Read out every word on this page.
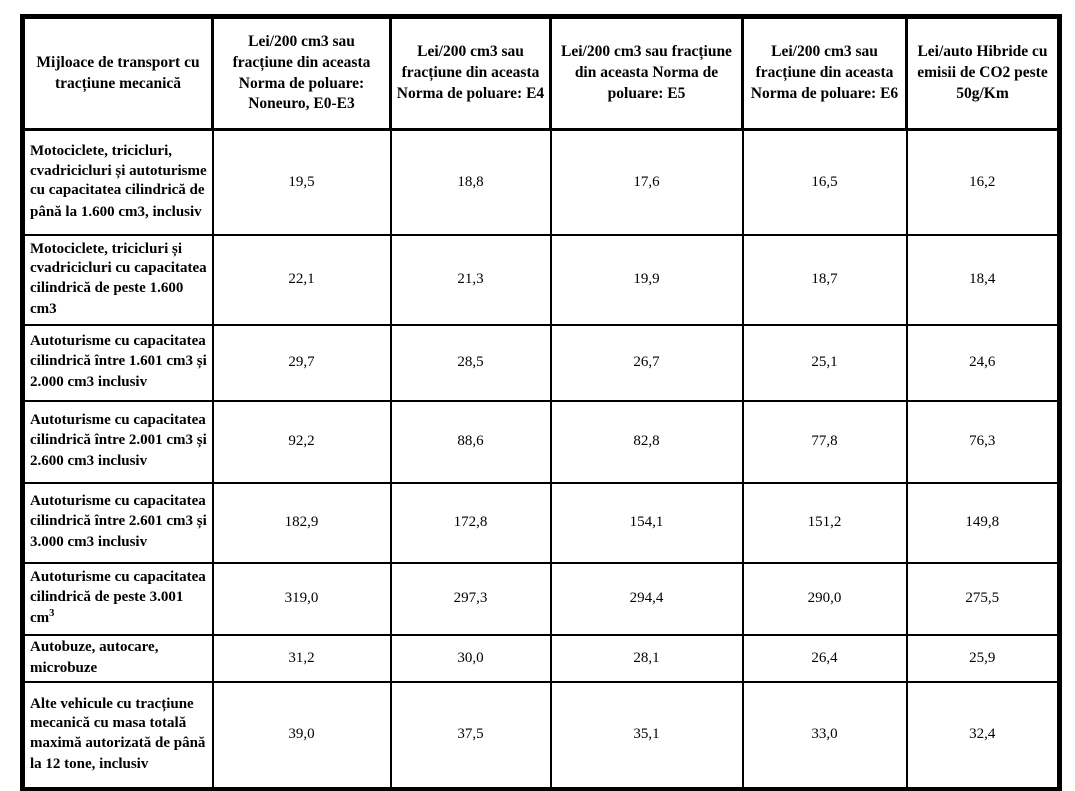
Mijloace de transport cu tracțiune mecanică	Lei/200 cm3 sau fracțiune din aceasta Norma de poluare: Noneuro, E0-E3	Lei/200 cm3 sau fracțiune din aceasta Norma de poluare: E4	Lei/200 cm3 sau fracțiune din aceasta Norma de poluare: E5	Lei/200 cm3 sau fracțiune din aceasta Norma de poluare: E6	Lei/auto Hibride cu emisii de CO2 peste 50g/Km
Motociclete, tricicluri, cvadricicluri și autoturisme cu capacitatea cilindrică de până la 1.600 cm3, inclusiv	19,5	18,8	17,6	16,5	16,2
Motociclete, tricicluri și cvadricicluri cu capacitatea cilindrică de peste 1.600 cm3	22,1	21,3	19,9	18,7	18,4
Autoturisme cu capacitatea cilindrică între 1.601 cm3 și 2.000 cm3 inclusiv	29,7	28,5	26,7	25,1	24,6
Autoturisme cu capacitatea cilindrică între 2.001 cm3 și 2.600 cm3 inclusiv	92,2	88,6	82,8	77,8	76,3
Autoturisme cu capacitatea cilindrică între 2.601 cm3 și 3.000 cm3 inclusiv	182,9	172,8	154,1	151,2	149,8
Autoturisme cu capacitatea cilindrică de peste 3.001 $cm^3$	319,0	297,3	294,4	290,0	275,5
Autobuze, autocare, microbuze	31,2	30,0	28,1	26,4	25,9
Alte vehicule cu tracțiune mecanică cu masa totală maximă autorizată de până la 12 tone, inclusiv	39,0	37,5	35,1	33,0	32,4
